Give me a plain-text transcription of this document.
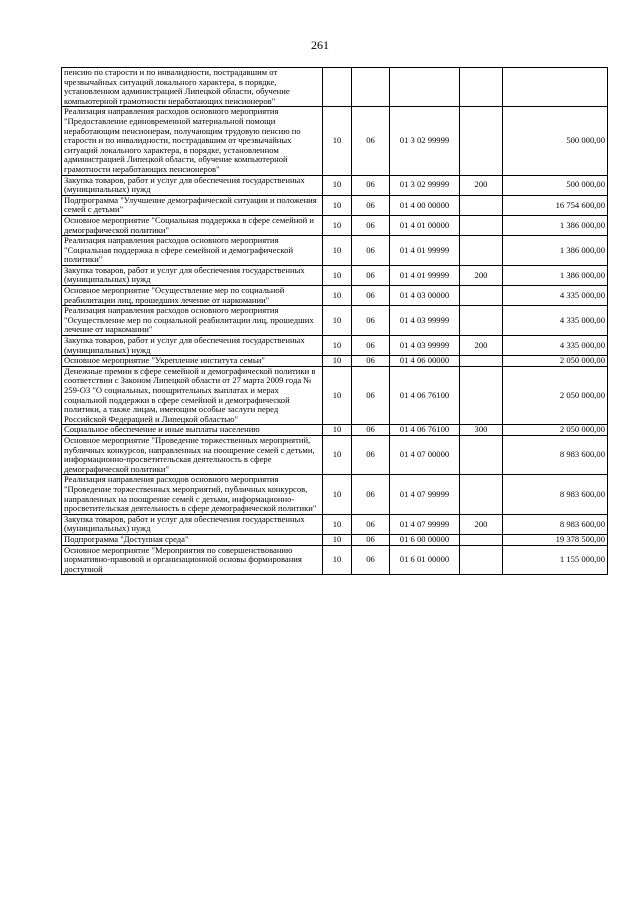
261
пенсию по старости и по инвалидности, пострадавшим от чрезвычайных ситуаций локального характера, в порядке, установленном администрацией Липецкой области, обучение компьютерной грамотности неработающих пенсионеров"					
Реализация направления расходов основного мероприятия "Предоставление единовременной материальной помощи неработающим пенсионерам, получающим трудовую пенсию по старости и по инвалидности, пострадавшим от чрезвычайных ситуаций локального характера, в порядке, установленном администрацией Липецкой области, обучение компьютерной грамотности неработающих пенсионеров"	10	06	01 3 02 99999		500 000,00
Закупка товаров, работ и услуг для обеспечения государственных (муниципальных) нужд	10	06	01 3 02 99999	200	500 000,00
Подпрограмма "Улучшение демографической ситуации и положения семей с детьми"	10	06	01 4 00 00000		16 754 600,00
Основное мероприятие "Социальная поддержка в сфере семейной и демографической политики"	10	06	01 4 01 00000		1 386 000,00
Реализация направления расходов основного мероприятия "Социальная поддержка в сфере семейной и демографической политики"	10	06	01 4 01 99999		1 386 000,00
Закупка товаров, работ и услуг для обеспечения государственных (муниципальных) нужд	10	06	01 4 01 99999	200	1 386 000,00
Основное мероприятие "Осуществление мер по социальной реабилитации лиц, прошедших лечение от наркомании"	10	06	01 4 03 00000		4 335 000,00
Реализация направления расходов основного мероприятия "Осуществление мер по социальной реабилитации лиц, прошедших лечение от наркомании"	10	06	01 4 03 99999		4 335 000,00
Закупка товаров, работ и услуг для обеспечения государственных (муниципальных) нужд	10	06	01 4 03 99999	200	4 335 000,00
Основное мероприятие "Укрепление института семьи"	10	06	01 4 06 00000		2 050 000,00
Денежные премии в сфере семейной и демографической политики в соответствии с Законом Липецкой области от 27 марта 2009 года № 259-ОЗ "О социальных, поощрительных выплатах и мерах социальной поддержки в сфере семейной и демографической политики, а также лицам, имеющим особые заслуги перед Российской Федерацией и Липецкой областью"	10	06	01 4 06 76100		2 050 000,00
Социальное обеспечение и иные выплаты населению	10	06	01 4 06 76100	300	2 050 000,00
Основное мероприятие "Проведение торжественных мероприятий, публичных конкурсов, направленных на поощрение семей с детьми, информационно-просветительская деятельность в сфере демографической политики"	10	06	01 4 07 00000		8 983 600,00
Реализация направления расходов основного мероприятия "Проведение торжественных мероприятий, публичных конкурсов, направленных на поощрение семей с детьми, информационно-просветительская деятельность в сфере демографической политики"	10	06	01 4 07 99999		8 983 600,00
Закупка товаров, работ и услуг для обеспечения государственных (муниципальных) нужд	10	06	01 4 07 99999	200	8 983 600,00
Подпрограмма "Доступная среда"	10	06	01 6 00 00000		19 378 500,00
Основное мероприятие "Мероприятия по совершенствованию нормативно-правовой и организационной основы формирования доступной	10	06	01 6 01 00000		1 155 000,00
